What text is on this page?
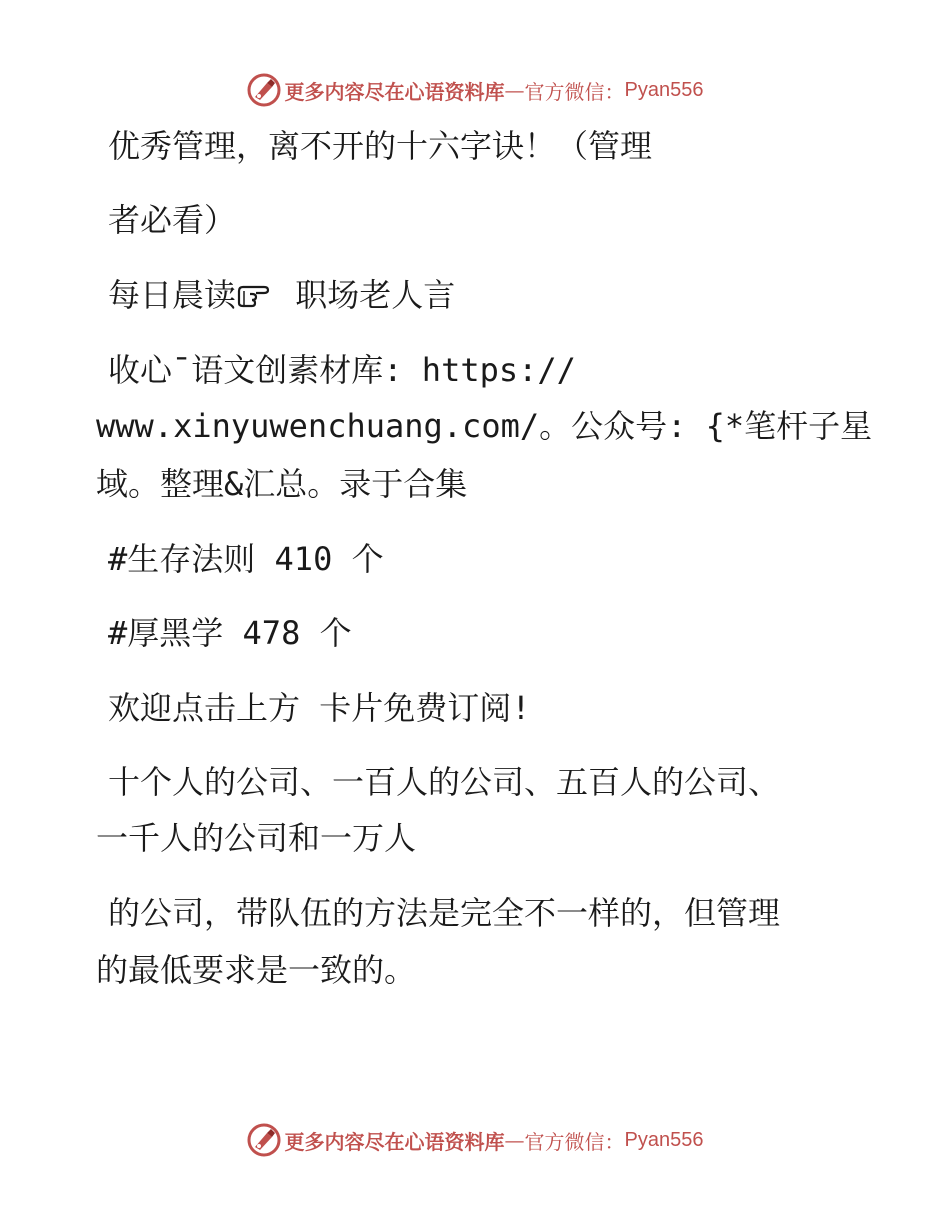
更多内容尽在心语资料库 — 官方微信： Pyan556
优秀管理，离不开的十六字诀！（管理
者必看）
每日晨读 职场老人言
收心¯语文创素材库: https://
www.xinyuwenchuang.com/。公众号: {*笔杆子星
域。整理&汇总。录于合集
#生存法则 410 个
#厚黑学 478 个
欢迎点击上方 卡片免费订阅!
十个人的公司、一百人的公司、五百人的公司、
一千人的公司和一万人
的公司，带队伍的方法是完全不一样的，但管理
的最低要求是一致的。
更多内容尽在心语资料库 — 官方微信： Pyan556
